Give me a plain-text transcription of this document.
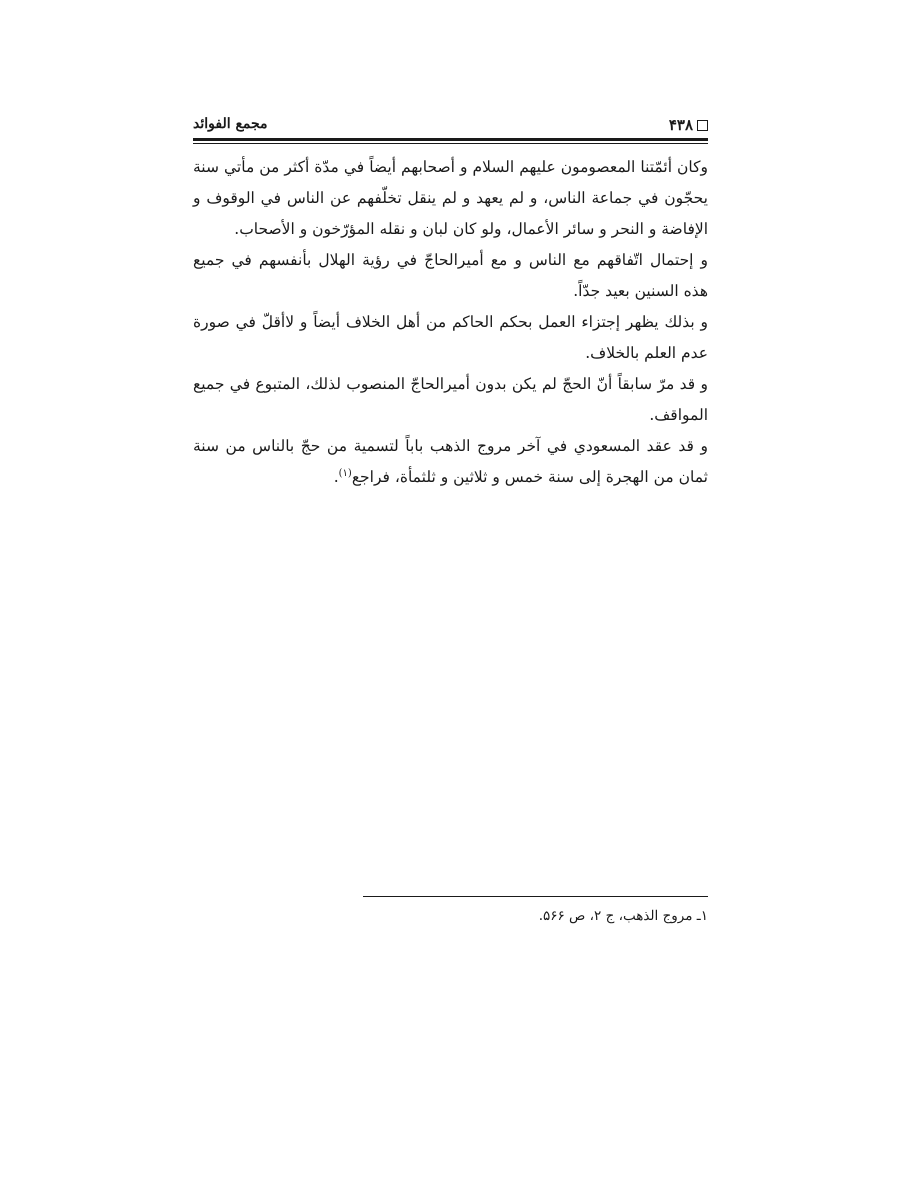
۴۳۸
مجمع الفوائد

وكان أئمّتنا المعصومون عليهم السلام و أصحابهم أيضاً في مدّة أكثر من مأتي سنة يحجّون في جماعة الناس، و لم يعهد و لم ينقل تخلّفهم عن الناس في الوقوف و الإفاضة و النحر و سائر الأعمال، ولو كان لبان و نقله المؤرّخون و الأصحاب.

و إحتمال اتّفاقهم مع الناس و مع أميرالحاجّ في رؤية الهلال بأنفسهم في جميع هذه السنين بعيد جدّاً.

و بذلك يظهر إجتزاء العمل بحكم الحاكم من أهل الخلاف أيضاً و لاأقلّ في صورة عدم العلم بالخلاف.

و قد مرّ سابقاً أنّ الحجّ لم يكن بدون أميرالحاجّ المنصوب لذلك، المتبوع في جميع المواقف.

و قد عقد المسعودي في آخر مروج الذهب باباً لتسمية من حجّ بالناس من سنة ثمان من الهجرة إلى سنة خمس و ثلاثين و ثلثمأة، فراجع$^{(۱)}$.

۱ـ مروج الذهب، ج ۲، ص ۵۶۶.
